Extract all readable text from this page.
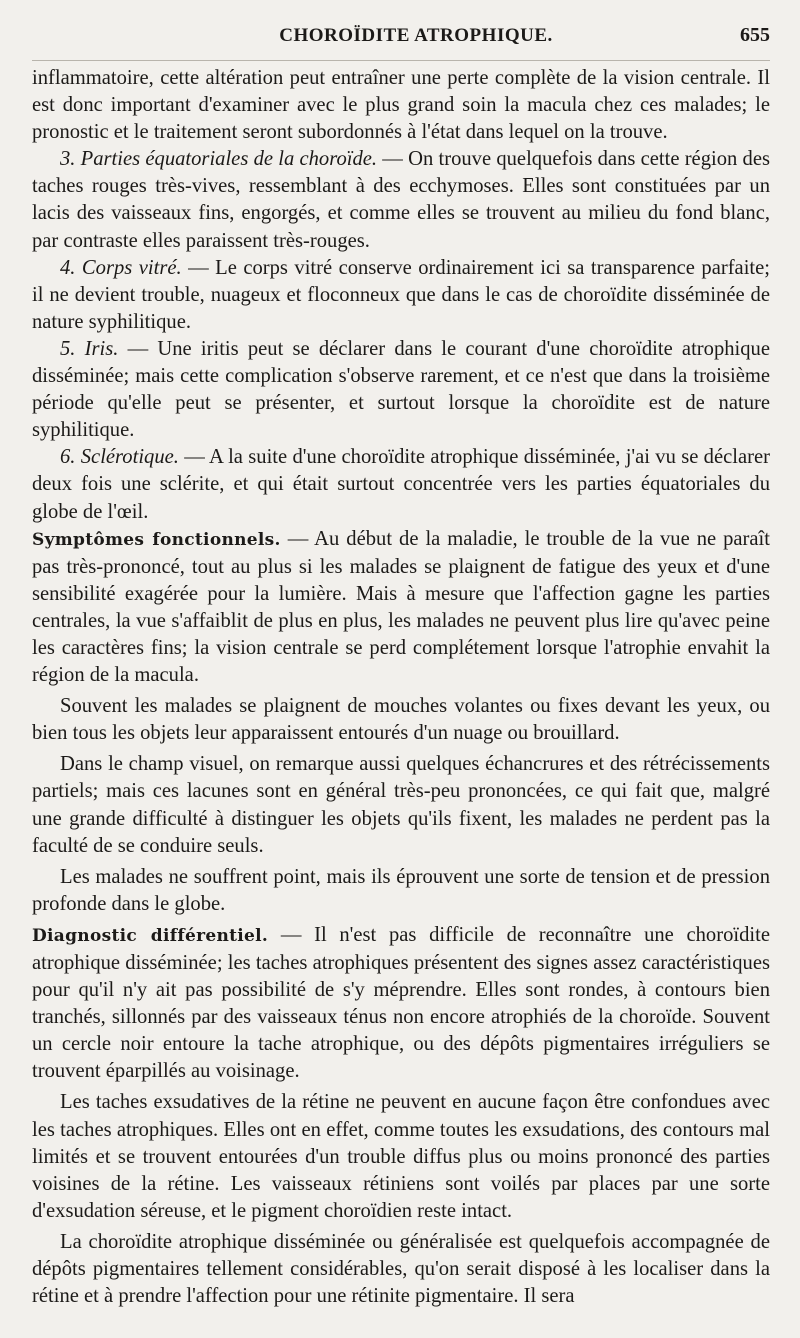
CHOROÏDITE ATROPHIQUE.	655

inflammatoire, cette altération peut entraîner une perte complète de la vision centrale. Il est donc important d'examiner avec le plus grand soin la macula chez ces malades; le pronostic et le traitement seront subordonnés à l'état dans lequel on la trouve.

3. Parties équatoriales de la choroïde. — On trouve quelquefois dans cette région des taches rouges très-vives, ressemblant à des ecchymoses. Elles sont constituées par un lacis des vaisseaux fins, engorgés, et comme elles se trouvent au milieu du fond blanc, par contraste elles paraissent très-rouges.

4. Corps vitré. — Le corps vitré conserve ordinairement ici sa transparence parfaite; il ne devient trouble, nuageux et floconneux que dans le cas de choroïdite disséminée de nature syphilitique.

5. Iris. — Une iritis peut se déclarer dans le courant d'une choroïdite atrophique disséminée; mais cette complication s'observe rarement, et ce n'est que dans la troisième période qu'elle peut se présenter, et surtout lorsque la choroïdite est de nature syphilitique.

6. Sclérotique. — A la suite d'une choroïdite atrophique disséminée, j'ai vu se déclarer deux fois une sclérite, et qui était surtout concentrée vers les parties équatoriales du globe de l'œil.

Symptômes fonctionnels. — Au début de la maladie, le trouble de la vue ne paraît pas très-prononcé, tout au plus si les malades se plaignent de fatigue des yeux et d'une sensibilité exagérée pour la lumière. Mais à mesure que l'affection gagne les parties centrales, la vue s'affaiblit de plus en plus, les malades ne peuvent plus lire qu'avec peine les caractères fins; la vision centrale se perd complétement lorsque l'atrophie envahit la région de la macula.

Souvent les malades se plaignent de mouches volantes ou fixes devant les yeux, ou bien tous les objets leur apparaissent entourés d'un nuage ou brouillard.

Dans le champ visuel, on remarque aussi quelques échancrures et des rétrécissements partiels; mais ces lacunes sont en général très-peu prononcées, ce qui fait que, malgré une grande difficulté à distinguer les objets qu'ils fixent, les malades ne perdent pas la faculté de se conduire seuls.

Les malades ne souffrent point, mais ils éprouvent une sorte de tension et de pression profonde dans le globe.

Diagnostic différentiel. — Il n'est pas difficile de reconnaître une choroïdite atrophique disséminée; les taches atrophiques présentent des signes assez caractéristiques pour qu'il n'y ait pas possibilité de s'y méprendre. Elles sont rondes, à contours bien tranchés, sillonnés par des vaisseaux ténus non encore atrophiés de la choroïde. Souvent un cercle noir entoure la tache atrophique, ou des dépôts pigmentaires irréguliers se trouvent éparpillés au voisinage.

Les taches exsudatives de la rétine ne peuvent en aucune façon être confondues avec les taches atrophiques. Elles ont en effet, comme toutes les exsudations, des contours mal limités et se trouvent entourées d'un trouble diffus plus ou moins prononcé des parties voisines de la rétine. Les vaisseaux rétiniens sont voilés par places par une sorte d'exsudation séreuse, et le pigment choroïdien reste intact.

La choroïdite atrophique disséminée ou généralisée est quelquefois accompagnée de dépôts pigmentaires tellement considérables, qu'on serait disposé à les localiser dans la rétine et à prendre l'affection pour une rétinite pigmentaire. Il sera
